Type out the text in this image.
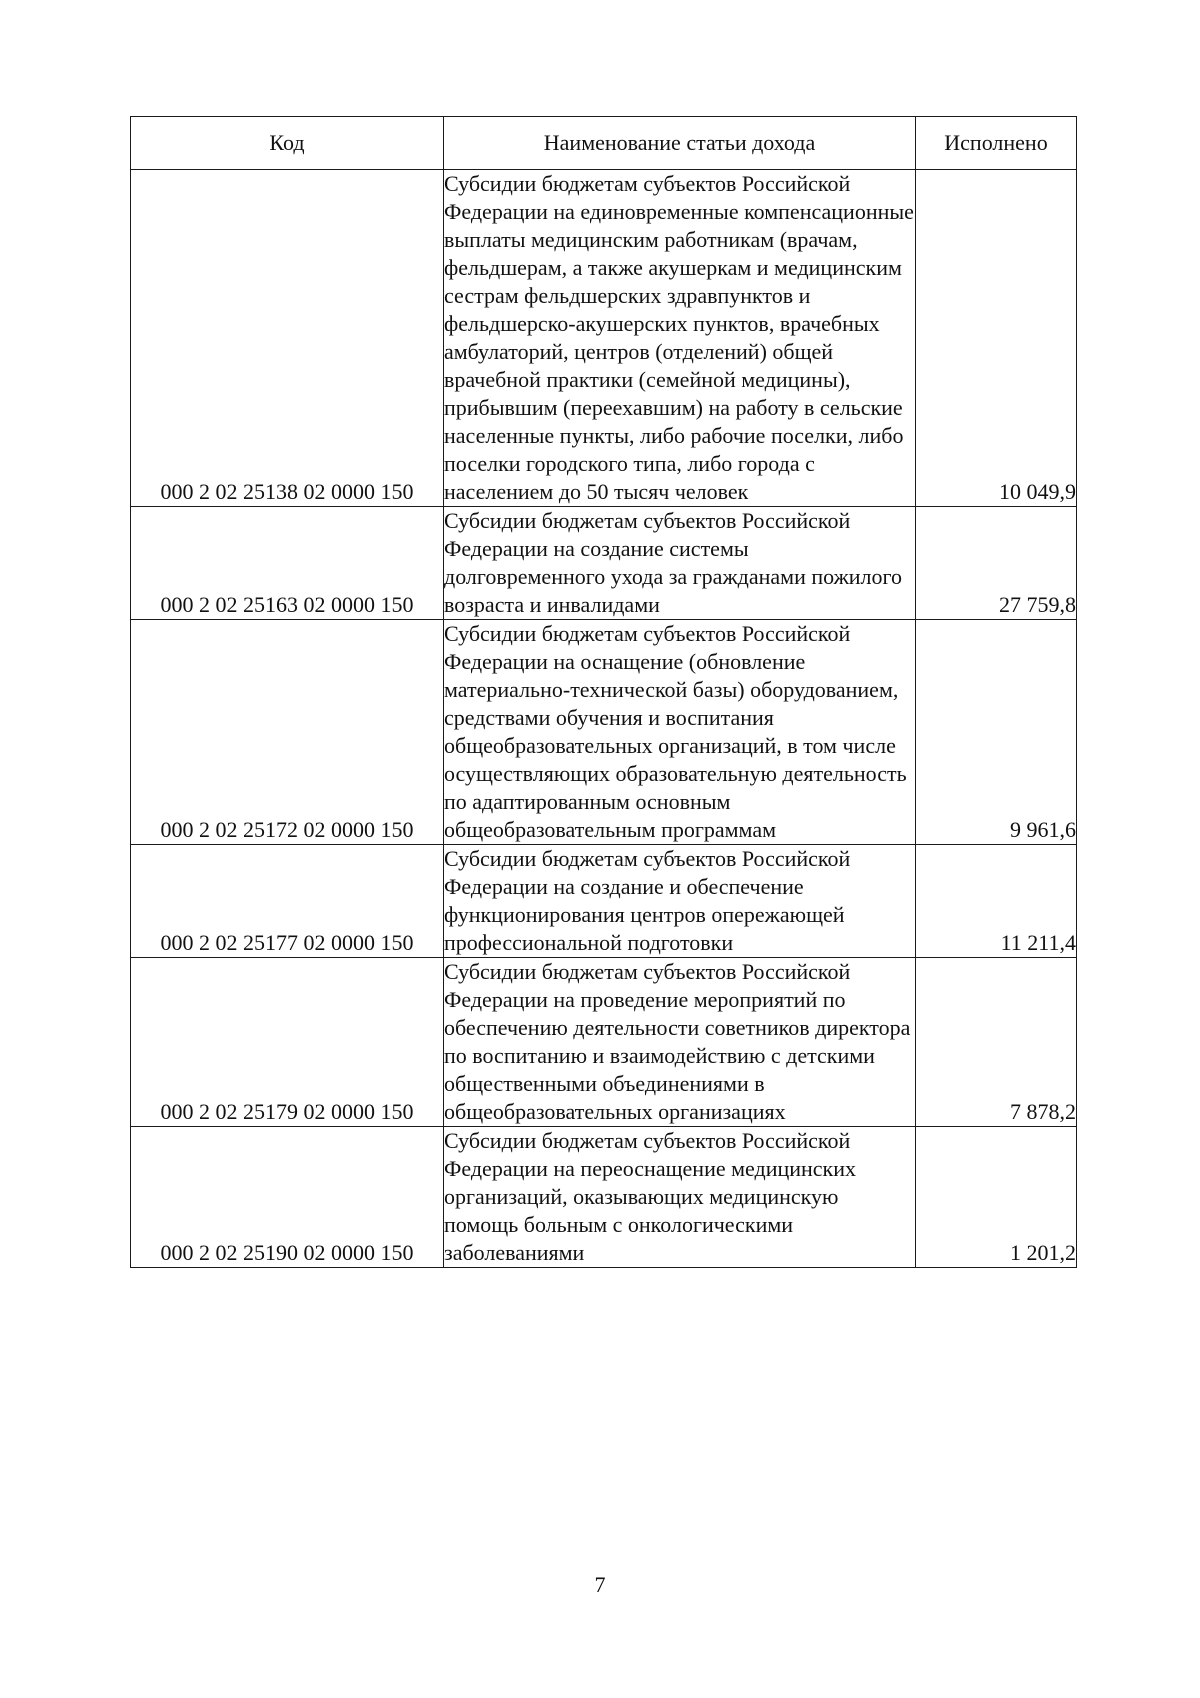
Код	Наименование статьи дохода	Исполнено
000 2 02 25138 02 0000 150	Субсидии бюджетам субъектов Российской Федерации на единовременные компенсационные выплаты медицинским работникам (врачам, фельдшерам, а также акушеркам и медицинским сестрам фельдшерских здравпунктов и фельдшерско-акушерских пунктов, врачебных амбулаторий, центров (отделений) общей врачебной практики (семейной медицины), прибывшим (переехавшим) на работу в сельские населенные пункты, либо рабочие поселки, либо поселки городского типа, либо города с населением до 50 тысяч человек	10 049,9
000 2 02 25163 02 0000 150	Субсидии бюджетам субъектов Российской Федерации на создание системы долговременного ухода за гражданами пожилого возраста и инвалидами	27 759,8
000 2 02 25172 02 0000 150	Субсидии бюджетам субъектов Российской Федерации на оснащение (обновление материально-технической базы) оборудованием, средствами обучения и воспитания общеобразовательных организаций, в том числе осуществляющих образовательную деятельность по адаптированным основным общеобразовательным программам	9 961,6
000 2 02 25177 02 0000 150	Субсидии бюджетам субъектов Российской Федерации на создание и обеспечение функционирования центров опережающей профессиональной подготовки	11 211,4
000 2 02 25179 02 0000 150	Субсидии бюджетам субъектов Российской Федерации на проведение мероприятий по обеспечению деятельности советников директора по воспитанию и взаимодействию с детскими общественными объединениями в общеобразовательных организациях	7 878,2
000 2 02 25190 02 0000 150	Субсидии бюджетам субъектов Российской Федерации на переоснащение медицинских организаций, оказывающих медицинскую помощь больным с онкологическими заболеваниями	1 201,2
7
